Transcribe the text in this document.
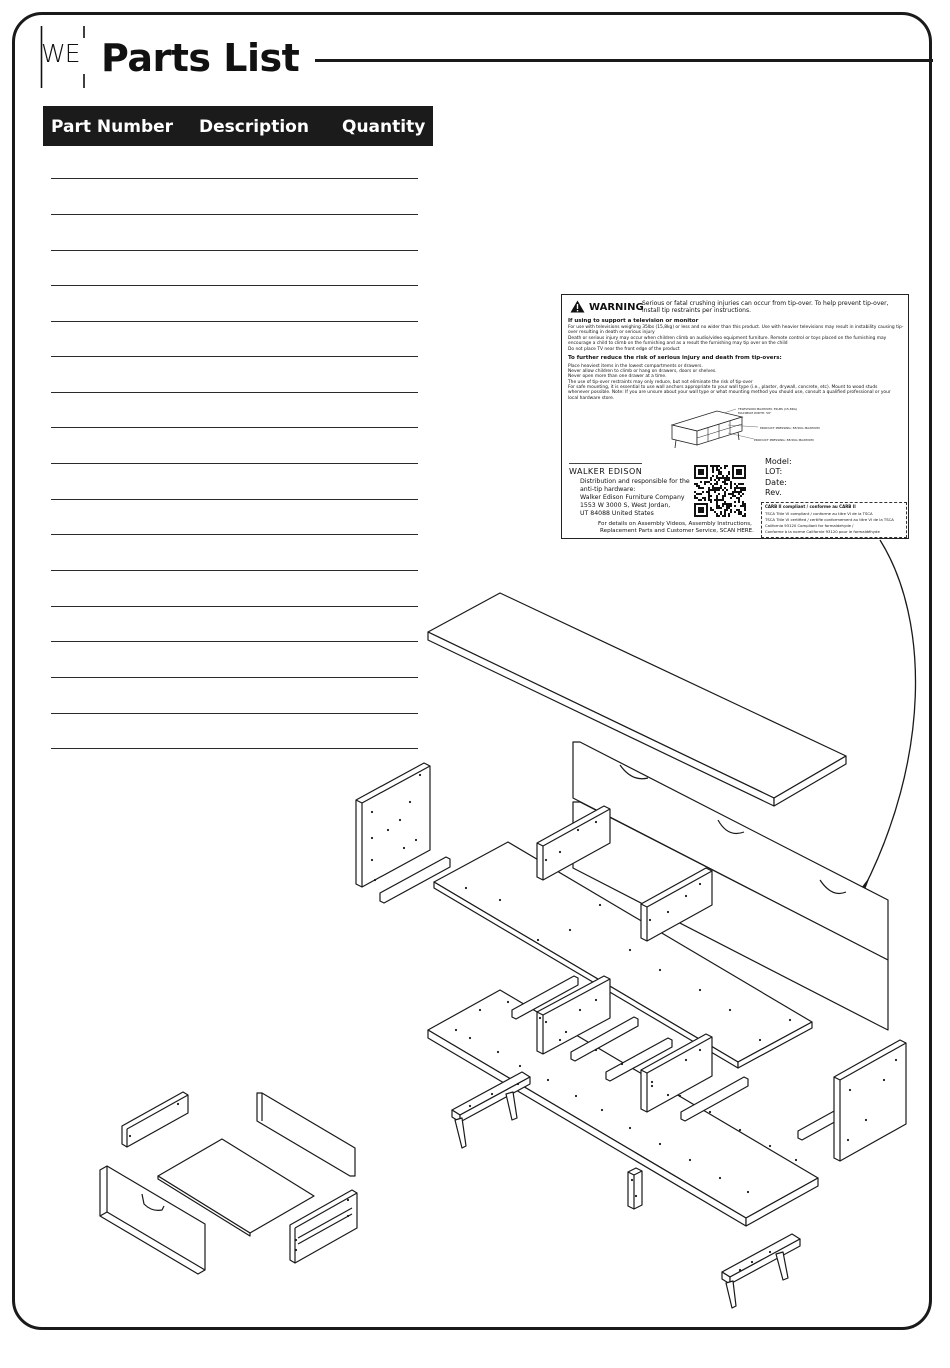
WE Parts List
Part Number Description Quantity
WARNING
Serious or fatal crushing injuries can occur from tip-over. To help prevent tip-over, install tip restraints per instructions.
If using to support a television or monitor
For use with televisions weighing 35lbs (15,8kg) or less and no wider than this product. Use with heavier televisions may result in instability causing tip-over resulting in death or serious injury
Death or serious injury may occur when children climb on audio/video equipment furniture. Remote control or toys placed on the furnishing may encourage a child to climb on the furnishing and as a result the furnishing may tip over on the child
Do not place TV near the front edge of the product
To further reduce the risk of serious injury and death from tip-overs:
Place heaviest items in the lowest compartments or drawers.
Never allow children to climb or hang on drawers, doors or shelves.
Never open more than one drawer at a time.
The use of tip-over restraints may only reduce, but not eliminate the risk of tip-over
For safe mounting, it is essential to use wall anchors appropriate to your wall type (i.e., plaster, drywall, concrete, etc). Mount to wood studs whenever possible. Note: If you are unsure about your wall type or what mounting method you should use, consult a qualified professional or your local hardware store.
TELEVISION MAXIMUM: 35LBS (15,8KG) MAXIMUM WIDTH: 59"
PRODUCT PRESSING: 88.5KG MAXIMUM
PRODUCT PRESSING: 88.5KG MAXIMUM
WALKER EDISON
Distribution and responsible for the
anti-tip hardware:
Walker Edison Furniture Company
1553 W 3000 S, West Jordan,
UT 84088 United States
Model:
LOT:
Date:
Rev.
CARB II compliant / conforme au CARB II
TSCA Title VI compliant / conforme au titre VI de la TSCA
TSCA Title VI certified / certifie conformement au titre VI de la TSCA
California 93120 Compliant for formaldehyde /
Conforme à la norme Californie 93120 pour le formaldéhyde
For details on Assembly Videos, Assembly Instructions,
Replacement Parts and Customer Service, SCAN HERE.
